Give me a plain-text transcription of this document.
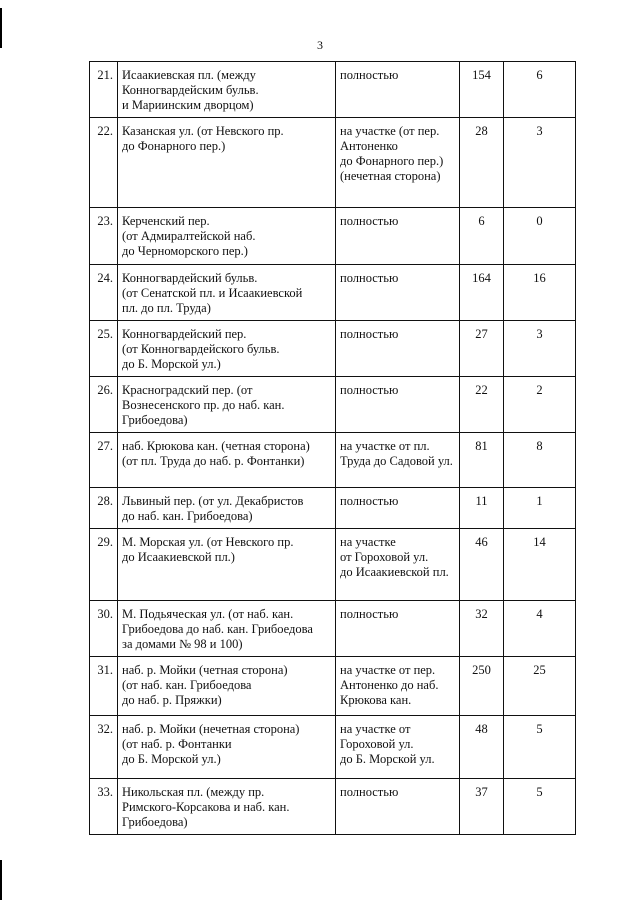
3
21.	Исаакиевская пл. (между
Конногвардейским бульв.
и Мариинским дворцом)	полностью	154	6
22.	Казанская ул. (от Невского пр.
до Фонарного пер.)	на участке (от пер.
Антоненко
до Фонарного пер.)
(нечетная сторона)	28	3
23.	Керченский пер.
(от Адмиралтейской наб.
до Черноморского пер.)	полностью	6	0
24.	Конногвардейский бульв.
(от Сенатской пл. и Исаакиевской
пл. до пл. Труда)	полностью	164	16
25.	Конногвардейский пер.
(от Конногвардейского бульв.
до Б. Морской ул.)	полностью	27	3
26.	Красноградский пер. (от
Вознесенского пр. до наб. кан.
Грибоедова)	полностью	22	2
27.	наб. Крюкова кан. (четная сторона)
(от пл. Труда до наб. р. Фонтанки)	на участке от пл.
Труда до Садовой ул.	81	8
28.	Львиный пер. (от ул. Декабристов
до наб. кан. Грибоедова)	полностью	11	1
29.	М. Морская ул. (от Невского пр.
до Исаакиевской пл.)	на участке
от Гороховой ул.
до Исаакиевской пл.	46	14
30.	М. Подьяческая ул. (от наб. кан.
Грибоедова до наб. кан. Грибоедова
за домами № 98 и 100)	полностью	32	4
31.	наб. р. Мойки (четная сторона)
(от наб. кан. Грибоедова
до наб. р. Пряжки)	на участке от пер.
Антоненко до наб.
Крюкова кан.	250	25
32.	наб. р. Мойки (нечетная сторона)
(от наб. р. Фонтанки
до Б. Морской ул.)	на участке от
Гороховой ул.
до Б. Морской ул.	48	5
33.	Никольская пл. (между пр.
Римского-Корсакова и наб. кан.
Грибоедова)	полностью	37	5
